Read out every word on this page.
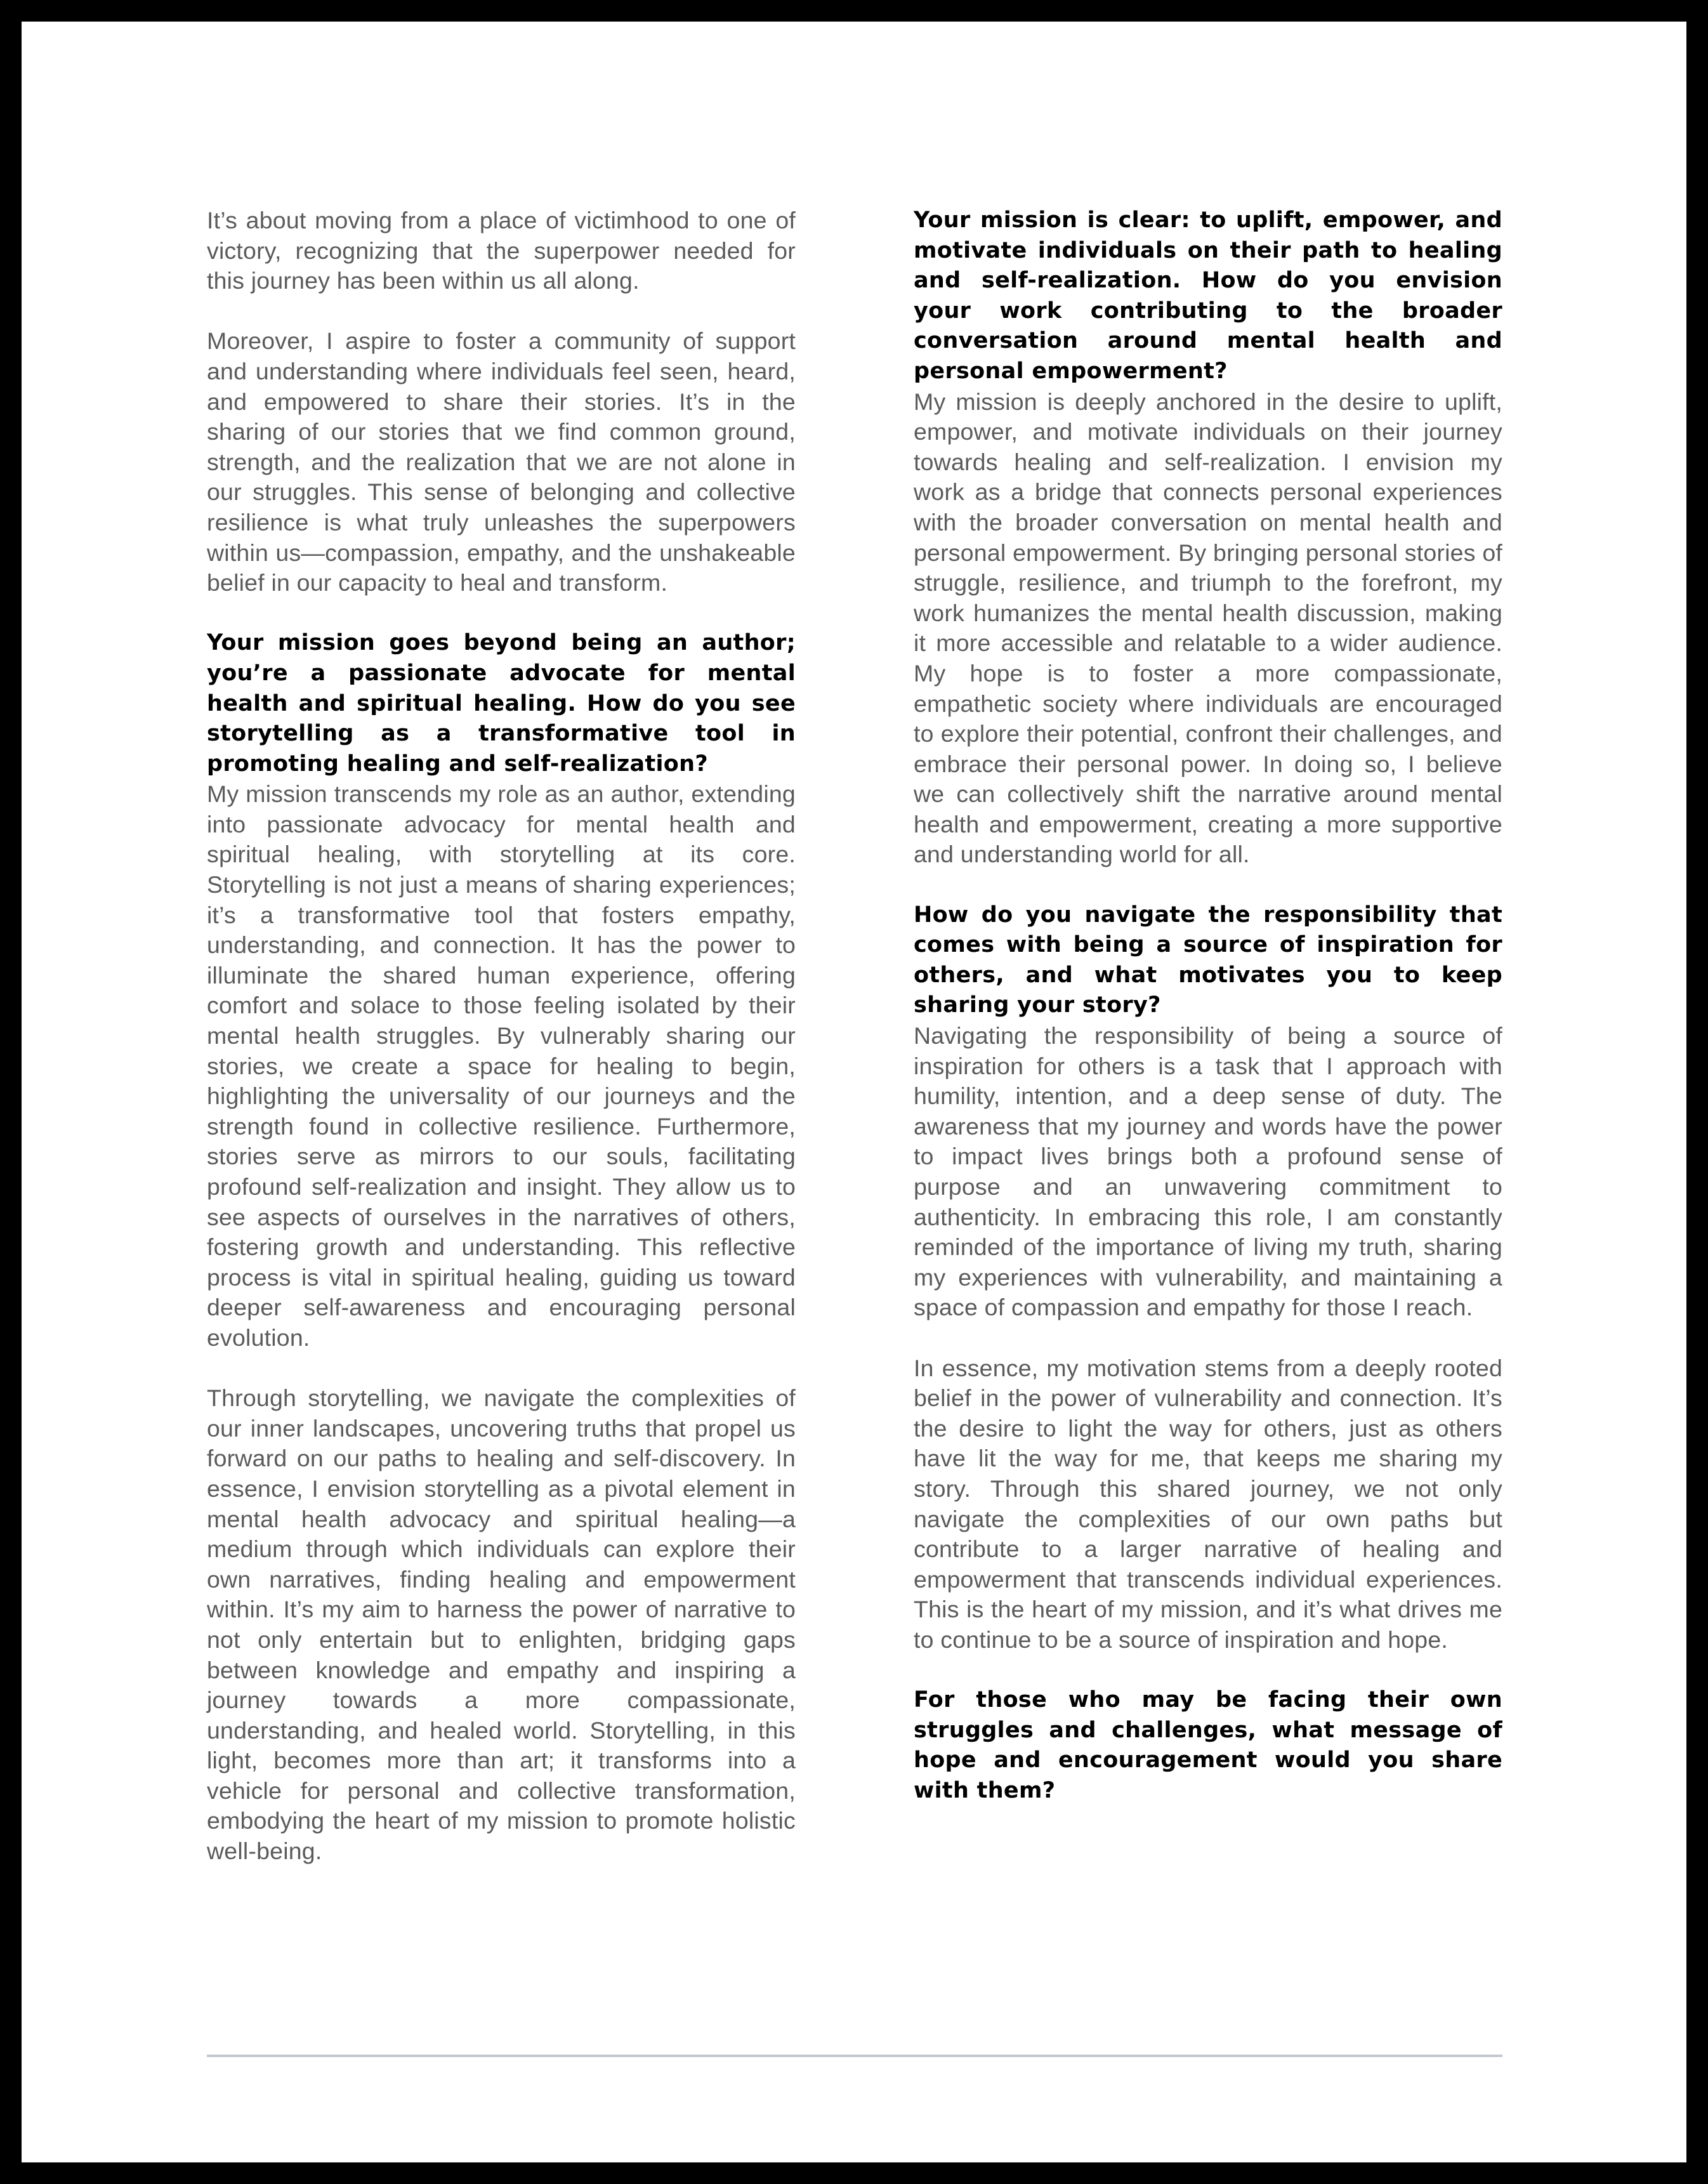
It’s about moving from a place of victimhood to one of victory, recognizing that the superpower needed for this journey has been within us all along.

Moreover, I aspire to foster a community of support and understanding where individuals feel seen, heard, and empowered to share their stories. It’s in the sharing of our stories that we find common ground, strength, and the realization that we are not alone in our struggles. This sense of belonging and collective resilience is what truly unleashes the superpowers within us—compassion, empathy, and the unshakeable belief in our capacity to heal and transform.

Your mission goes beyond being an author; you’re a passionate advocate for mental health and spiritual healing. How do you see storytelling as a transformative tool in promoting healing and self-realization?

My mission transcends my role as an author, extending into passionate advocacy for mental health and spiritual healing, with storytelling at its core. Storytelling is not just a means of sharing experiences; it’s a transformative tool that fosters empathy, understanding, and connection. It has the power to illuminate the shared human experience, offering comfort and solace to those feeling isolated by their mental health struggles. By vulnerably sharing our stories, we create a space for healing to begin, highlighting the universality of our journeys and the strength found in collective resilience. Furthermore, stories serve as mirrors to our souls, facilitating profound self-realization and insight. They allow us to see aspects of ourselves in the narratives of others, fostering growth and understanding. This reflective process is vital in spiritual healing, guiding us toward deeper self-awareness and encouraging personal evolution.

Through storytelling, we navigate the complexities of our inner landscapes, uncovering truths that propel us forward on our paths to healing and self-discovery. In essence, I envision storytelling as a pivotal element in mental health advocacy and spiritual healing—a medium through which individuals can explore their own narratives, finding healing and empowerment within. It’s my aim to harness the power of narrative to not only entertain but to enlighten, bridging gaps between knowledge and empathy and inspiring a journey towards a more compassionate, understanding, and healed world. Storytelling, in this light, becomes more than art; it transforms into a vehicle for personal and collective transformation, embodying the heart of my mission to promote holistic well-being.

Your mission is clear: to uplift, empower, and motivate individuals on their path to healing and self-realization. How do you envision your work contributing to the broader conversation around mental health and personal empowerment?

My mission is deeply anchored in the desire to uplift, empower, and motivate individuals on their journey towards healing and self-realization. I envision my work as a bridge that connects personal experiences with the broader conversation on mental health and personal empowerment. By bringing personal stories of struggle, resilience, and triumph to the forefront, my work humanizes the mental health discussion, making it more accessible and relatable to a wider audience. My hope is to foster a more compassionate, empathetic society where individuals are encouraged to explore their potential, confront their challenges, and embrace their personal power. In doing so, I believe we can collectively shift the narrative around mental health and empowerment, creating a more supportive and understanding world for all.

How do you navigate the responsibility that comes with being a source of inspiration for others, and what motivates you to keep sharing your story?

Navigating the responsibility of being a source of inspiration for others is a task that I approach with humility, intention, and a deep sense of duty. The awareness that my journey and words have the power to impact lives brings both a profound sense of purpose and an unwavering commitment to authenticity. In embracing this role, I am constantly reminded of the importance of living my truth, sharing my experiences with vulnerability, and maintaining a space of compassion and empathy for those I reach.

In essence, my motivation stems from a deeply rooted belief in the power of vulnerability and connection. It’s the desire to light the way for others, just as others have lit the way for me, that keeps me sharing my story. Through this shared journey, we not only navigate the complexities of our own paths but contribute to a larger narrative of healing and empowerment that transcends individual experiences. This is the heart of my mission, and it’s what drives me to continue to be a source of inspiration and hope.

For those who may be facing their own struggles and challenges, what message of hope and encouragement would you share with them?
